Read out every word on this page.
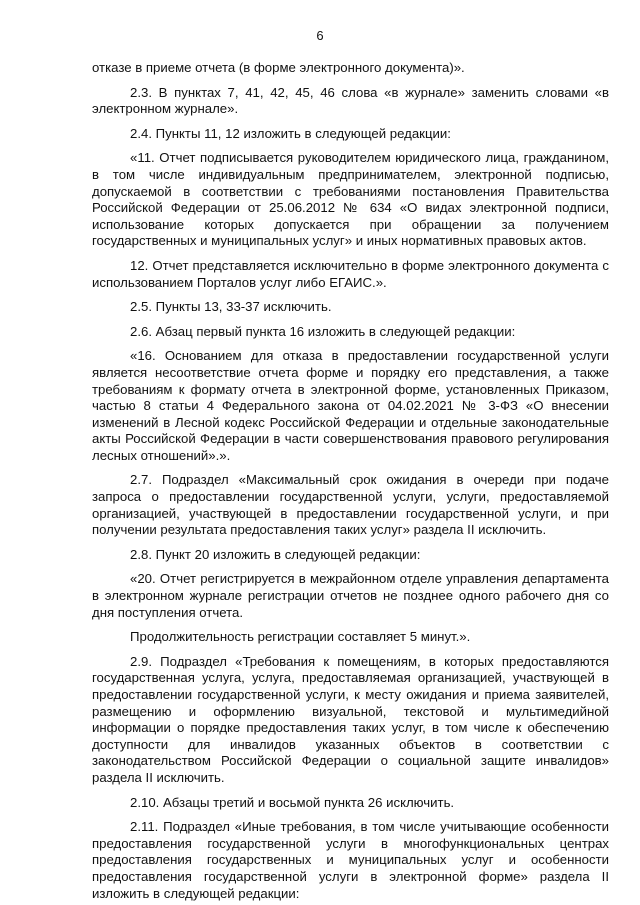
6

отказе в приеме отчета (в форме электронного документа)».

2.3. В пунктах 7, 41, 42, 45, 46 слова «в журнале» заменить словами «в электронном журнале».

2.4. Пункты 11, 12 изложить в следующей редакции:

«11. Отчет подписывается руководителем юридического лица, гражданином, в том числе индивидуальным предпринимателем, электронной подписью, допускаемой в соответствии с требованиями постановления Правительства Российской Федерации от 25.06.2012 № 634 «О видах электронной подписи, использование которых допускается при обращении за получением государственных и муниципальных услуг» и иных нормативных правовых актов.

12. Отчет представляется исключительно в форме электронного документа с использованием Порталов услуг либо ЕГАИС.».

2.5. Пункты 13, 33-37 исключить.

2.6. Абзац первый пункта 16 изложить в следующей редакции:

«16. Основанием для отказа в предоставлении государственной услуги является несоответствие отчета форме и порядку его представления, а также требованиям к формату отчета в электронной форме, установленных Приказом, частью 8 статьи 4 Федерального закона от 04.02.2021 № 3-ФЗ «О внесении изменений в Лесной кодекс Российской Федерации и отдельные законодательные акты Российской Федерации в части совершенствования правового регулирования лесных отношений».».

2.7. Подраздел «Максимальный срок ожидания в очереди при подаче запроса о предоставлении государственной услуги, услуги, предоставляемой организацией, участвующей в предоставлении государственной услуги, и при получении результата предоставления таких услуг» раздела II исключить.

2.8. Пункт 20 изложить в следующей редакции:

«20. Отчет регистрируется в межрайонном отделе управления департамента в электронном журнале регистрации отчетов не позднее одного рабочего дня со дня поступления отчета.

Продолжительность регистрации составляет 5 минут.».

2.9. Подраздел «Требования к помещениям, в которых предоставляются государственная услуга, услуга, предоставляемая организацией, участвующей в предоставлении государственной услуги, к месту ожидания и приема заявителей, размещению и оформлению визуальной, текстовой и мультимедийной информации о порядке предоставления таких услуг, в том числе к обеспечению доступности для инвалидов указанных объектов в соответствии с законодательством Российской Федерации о социальной защите инвалидов» раздела II исключить.

2.10. Абзацы третий и восьмой пункта 26 исключить.

2.11. Подраздел «Иные требования, в том числе учитывающие особенности предоставления государственной услуги в многофункциональных центрах предоставления государственных и муниципальных услуг и особенности предоставления государственной услуги в электронной форме» раздела II изложить в следующей редакции:
